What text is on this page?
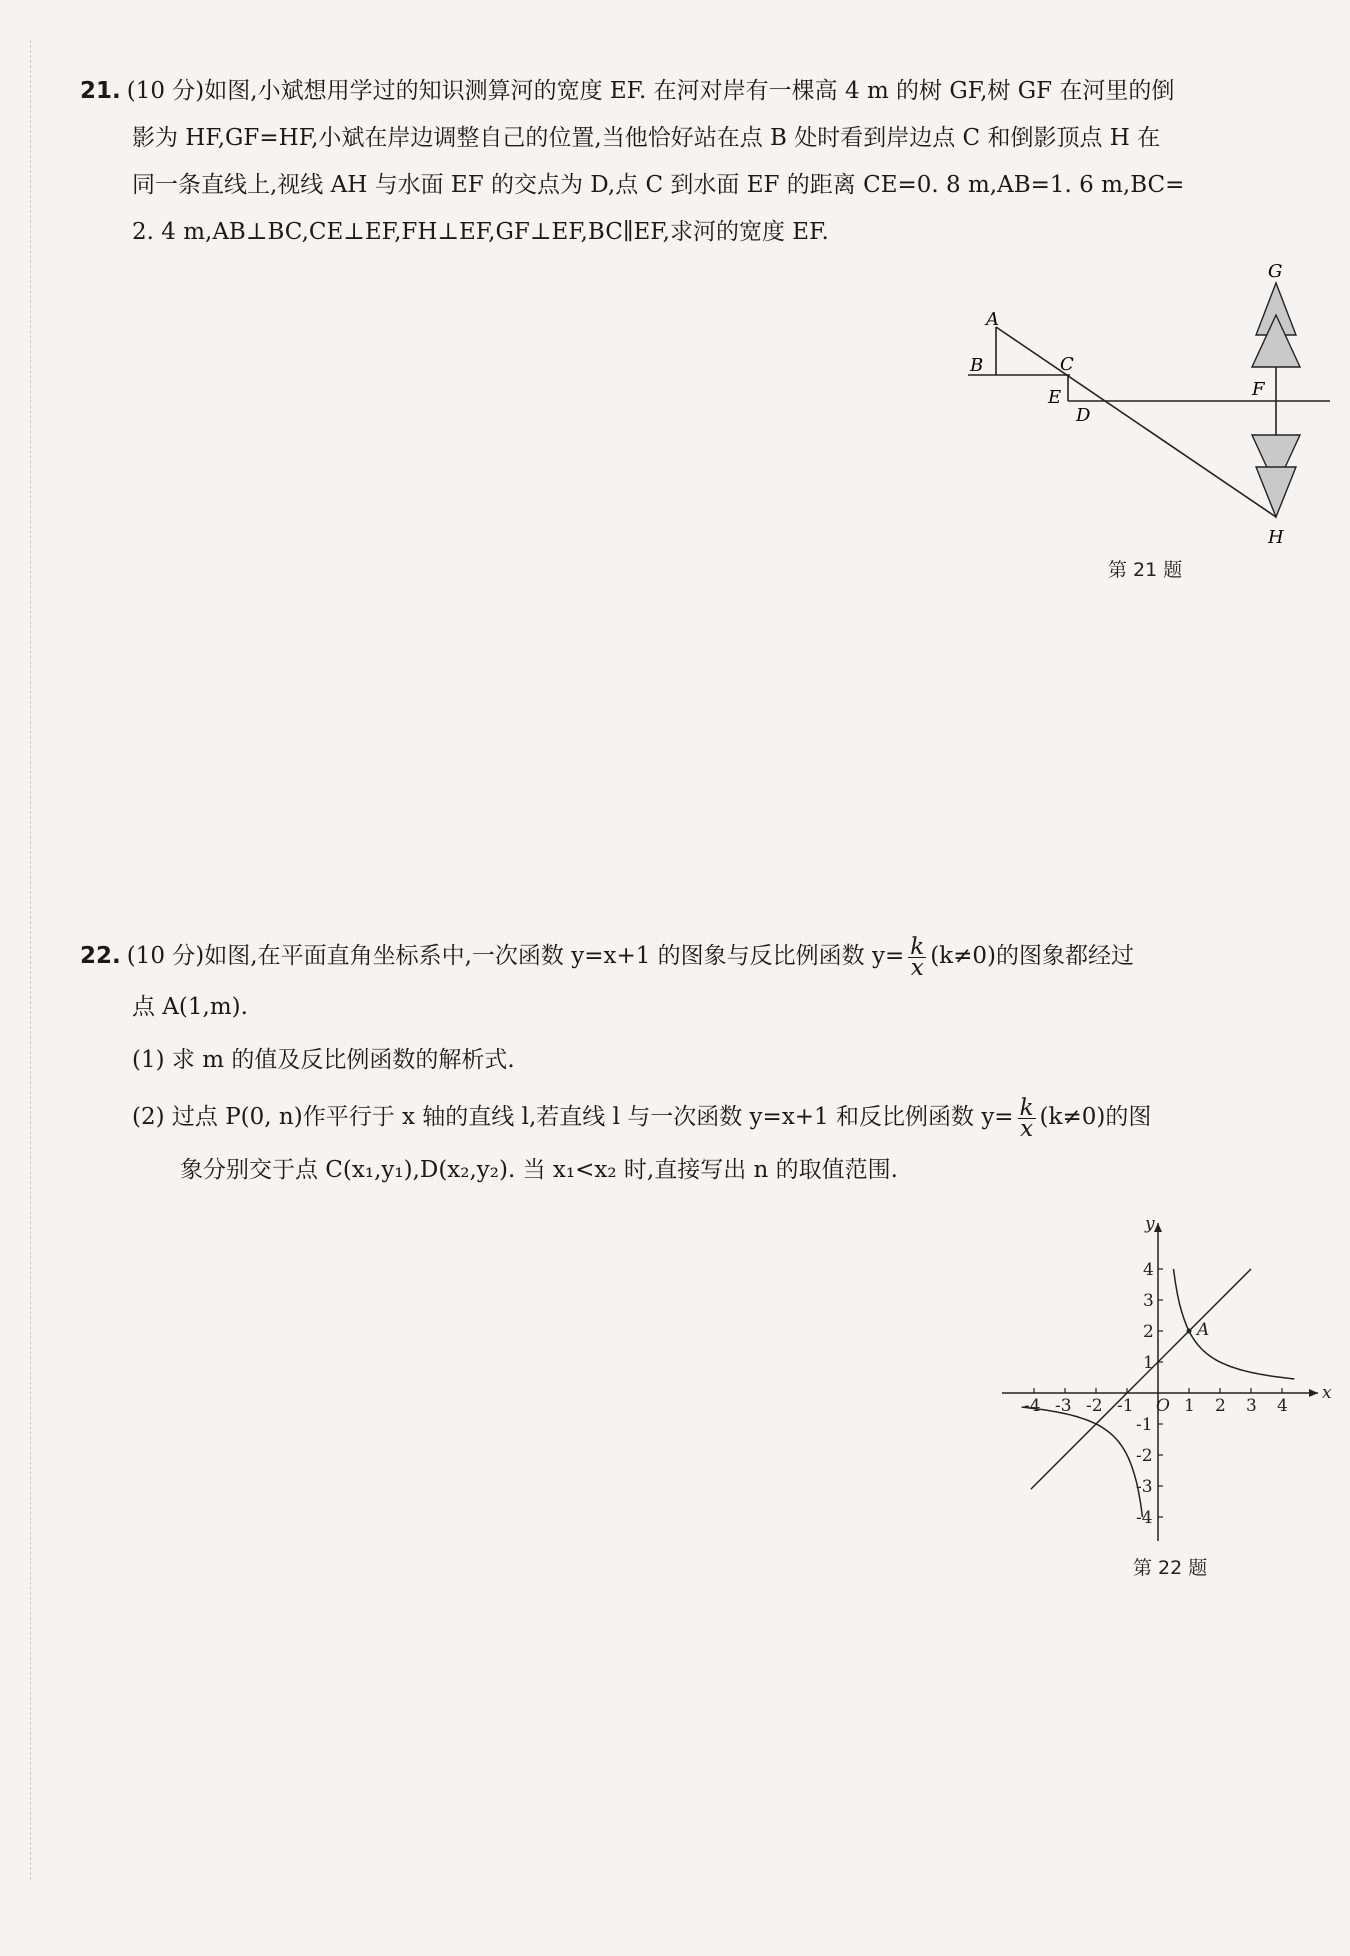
21. (10 分)如图,小斌想用学过的知识测算河的宽度 EF. 在河对岸有一棵高 4 m 的树 GF,树 GF 在河里的倒
影为 HF,GF=HF,小斌在岸边调整自己的位置,当他恰好站在点 B 处时看到岸边点 C 和倒影顶点 H 在
同一条直线上,视线 AH 与水面 EF 的交点为 D,点 C 到水面 EF 的距离 CE=0. 8 m,AB=1. 6 m,BC=
2. 4 m,AB⊥BC,CE⊥EF,FH⊥EF,GF⊥EF,BC∥EF,求河的宽度 EF.
A
B	C
E
D
F
G
H
第 21 题
22. (10 分)如图,在平面直角坐标系中,一次函数 y=x+1 的图象与反比例函数 $y= \frac{k}{x} (k\ne 0)$的图象都经过
点 A(1,m).
(1) 求 m 的值及反比例函数的解析式.
(2) 过点 P(0, n)作平行于 x 轴的直线 l,若直线 l 与一次函数 y=x+1 和反比例函数 $y= \frac{k}{x} (k\ne 0)$的图
象分别交于点 C(x₁,y₁),D(x₂,y₂). 当 x₁<x₂ 时,直接写出 n 的取值范围.
x
y
O 1 2 3 4
-4 -3 -2 -1
1
2
3
4
-1
-2
-3
-4
A
第 22 题
